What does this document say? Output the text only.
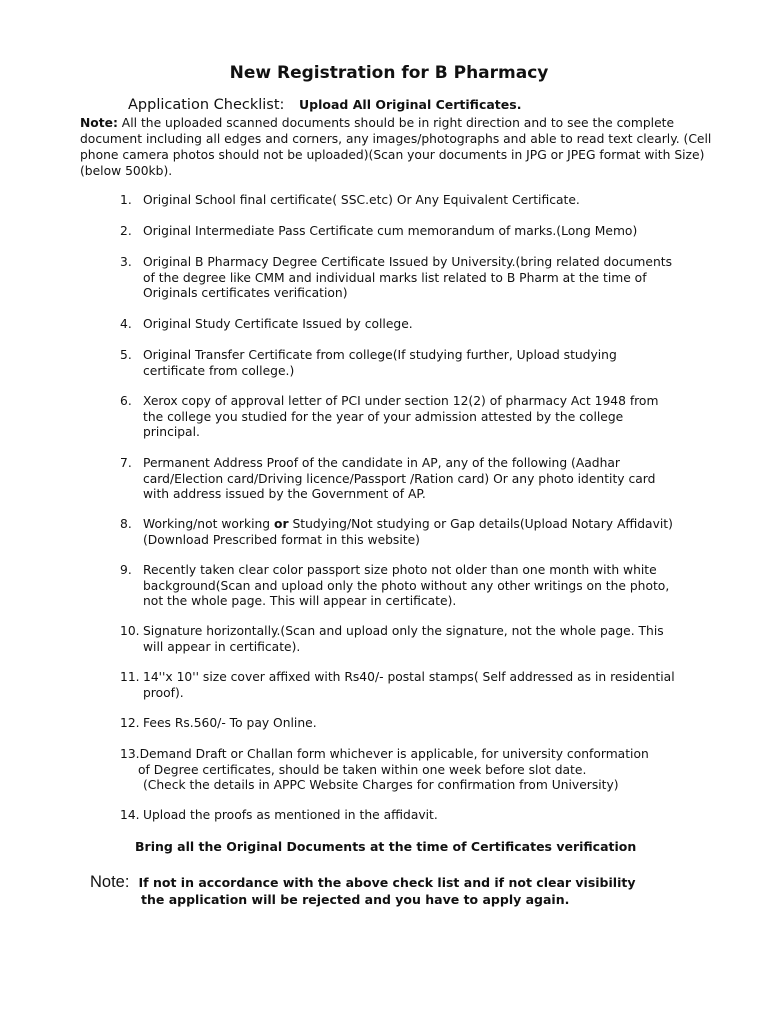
New Registration for B Pharmacy
Application Checklist: Upload All Original Certificates.
Note: All the uploaded scanned documents should be in right direction and to see the complete document including all edges and corners, any images/photographs and able to read text clearly. (Cell phone camera photos should not be uploaded)(Scan your documents in JPG or JPEG format with Size)(below 500kb).
1. Original School final certificate( SSC.etc) Or Any Equivalent Certificate.
2. Original Intermediate Pass Certificate cum memorandum of marks.(Long Memo)
3. Original B Pharmacy Degree Certificate Issued by University.(bring related documents of the degree like CMM and individual marks list related to B Pharm at the time of Originals certificates verification)
4. Original Study Certificate Issued by college.
5. Original Transfer Certificate from college(If studying further, Upload studying certificate from college.)
6. Xerox copy of approval letter of PCI under section 12(2) of pharmacy Act 1948 from the college you studied for the year of your admission attested by the college principal.
7. Permanent Address Proof of the candidate in AP, any of the following (Aadhar card/Election card/Driving licence/Passport /Ration card) Or any photo identity card with address issued by the Government of AP.
8. Working/not working or Studying/Not studying or Gap details(Upload Notary Affidavit)(Download Prescribed format in this website)
9. Recently taken clear color passport size photo not older than one month with white background(Scan and upload only the photo without any other writings on the photo, not the whole page. This will appear in certificate).
10. Signature horizontally.(Scan and upload only the signature, not the whole page. This will appear in certificate).
11. 14''x 10'' size cover affixed with Rs40/- postal stamps( Self addressed as in residential proof).
12. Fees Rs.560/- To pay Online.
13.Demand Draft or Challan form whichever is applicable, for university conformation
of Degree certificates, should be taken within one week before slot date.
(Check the details in APPC Website Charges for confirmation from University)
14. Upload the proofs as mentioned in the affidavit.
Bring all the Original Documents at the time of Certificates verification
Note: If not in accordance with the above check list and if not clear visibility
the application will be rejected and you have to apply again.
